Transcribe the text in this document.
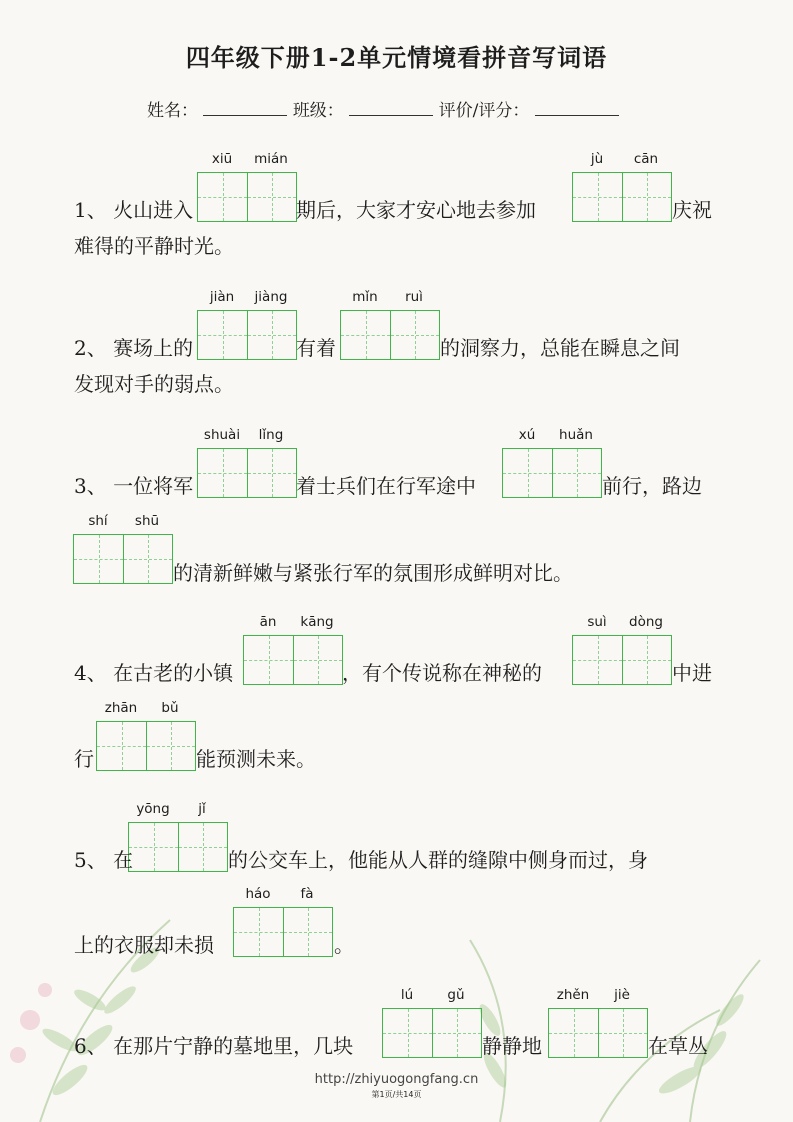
四年级下册1-2单元情境看拼音写词语
姓名：	班级：	评价/评分：
xiū	mián	jù	cān
1、 火山进入	期后，大家才安心地去参加	庆祝
难得的平静时光。
jiàn	jiàng	mǐn	ruì
2、 赛场上的	有着	的洞察力，总能在瞬息之间
发现对手的弱点。
shuài	lǐng	xú	huǎn
3、 一位将军	着士兵们在行军途中	前行，路边
shí	shū
的清新鲜嫩与紧张行军的氛围形成鲜明对比。
ān	kāng	suì	dòng
4、 在古老的小镇	，有个传说称在神秘的	中进
zhān	bǔ
行	能预测未来。
yōng	jǐ
5、 在	的公交车上，他能从人群的缝隙中侧身而过，身
háo	fà
上的衣服却未损	。
lú	gǔ	zhěn	jiè
6、 在那片宁静的墓地里，几块	静静地	在草丛
http://zhiyuogongfang.cn
第1页/共14页
